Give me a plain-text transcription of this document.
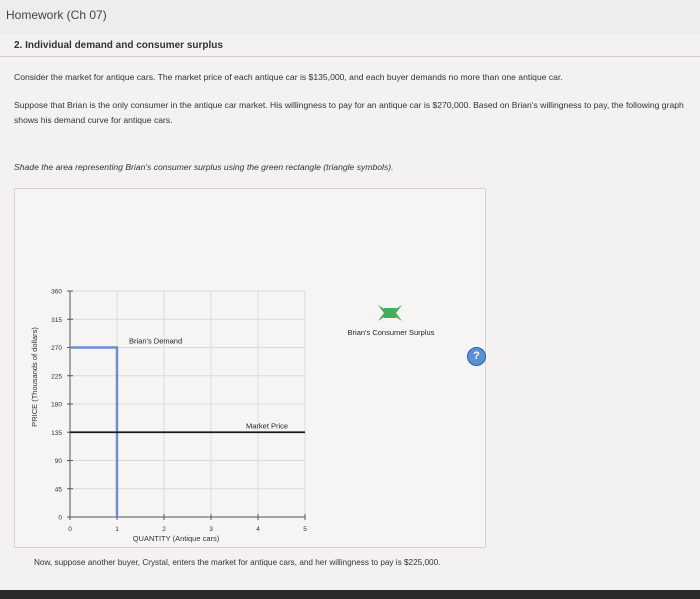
Homework (Ch 07)
2. Individual demand and consumer surplus
Consider the market for antique cars. The market price of each antique car is $135,000, and each buyer demands no more than one antique car.
Suppose that Brian is the only consumer in the antique car market. His willingness to pay for an antique car is $270,000. Based on Brian's willingness to pay, the following graph shows his demand curve for antique cars.
Shade the area representing Brian's consumer surplus using the green rectangle (triangle symbols).
0
45
90
135
180
225
270
315
360
0	1	2	3	4	5
Brian's Demand
Market Price
PRICE (Thousands of dollars)
QUANTITY (Antique cars)
Brian's Consumer Surplus
?
Now, suppose another buyer, Crystal, enters the market for antique cars, and her willingness to pay is $225,000.
